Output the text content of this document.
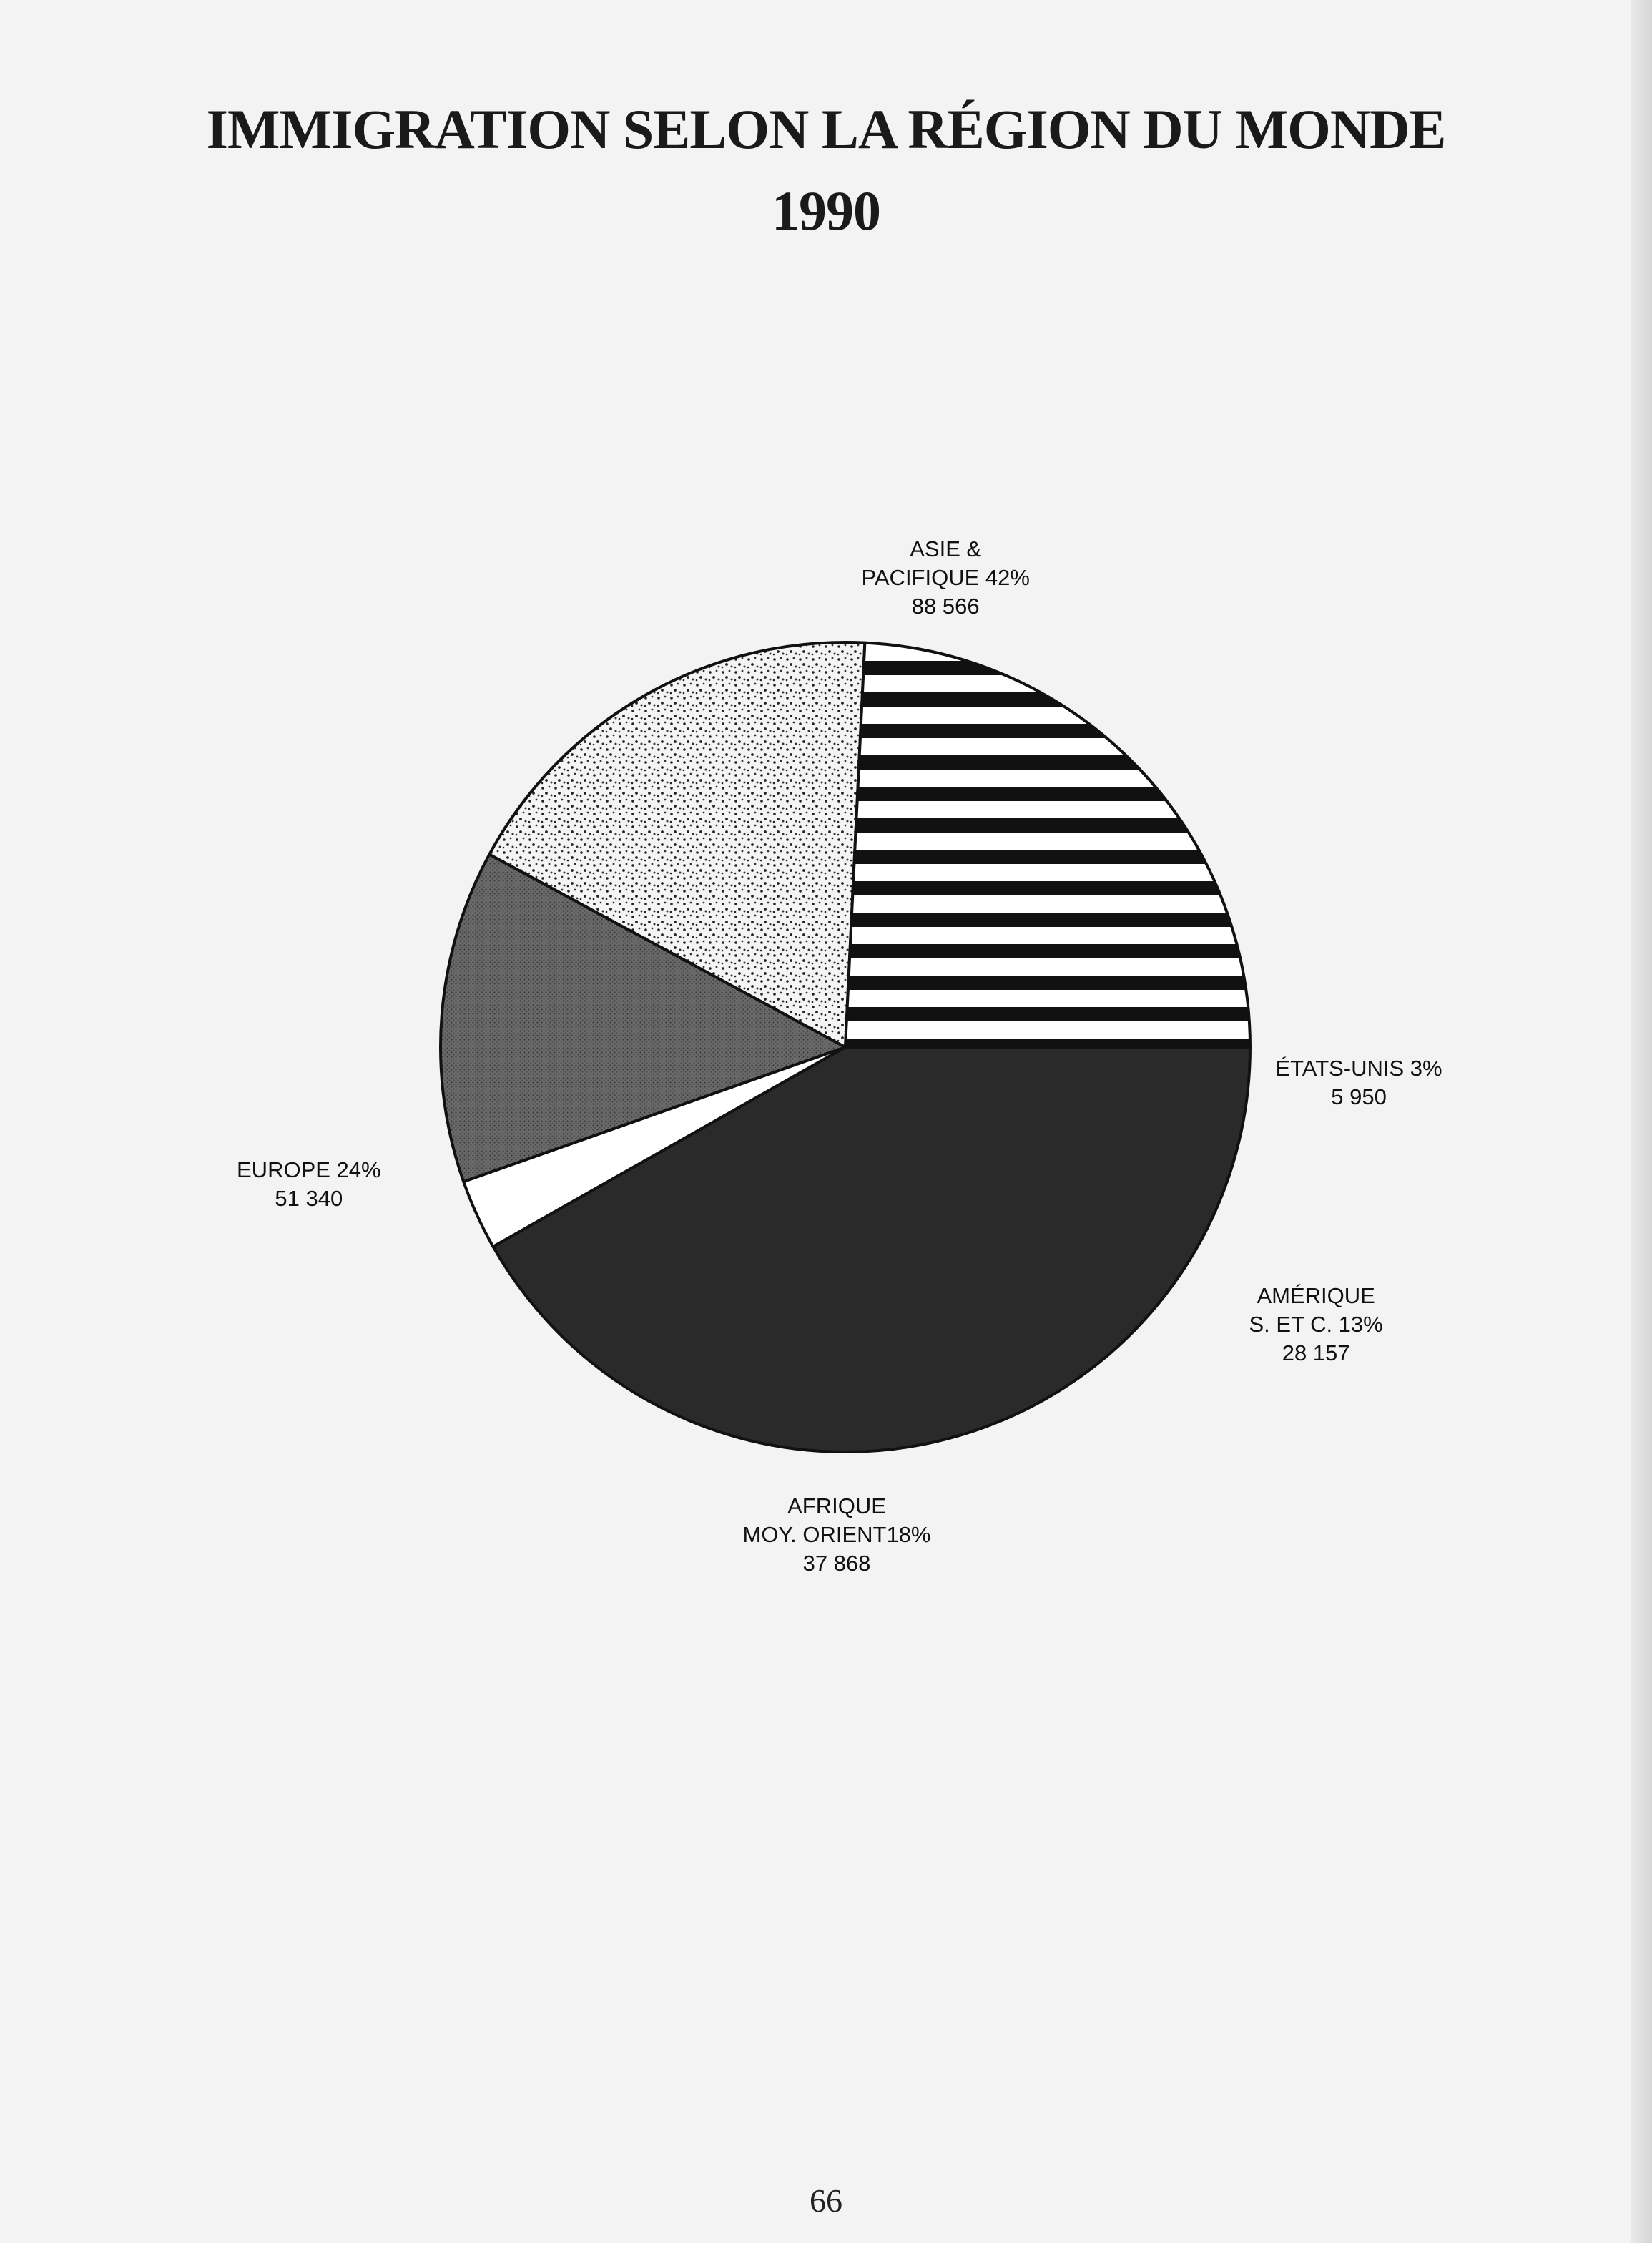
IMMIGRATION SELON LA RÉGION DU MONDE
1990
ASIE &
PACIFIQUE 42%
88 566
ÉTATS-UNIS 3%
5 950
AMÉRIQUE
S. ET C. 13%
28 157
AFRIQUE
MOY. ORIENT18%
37 868
EUROPE 24%
51 340
66
